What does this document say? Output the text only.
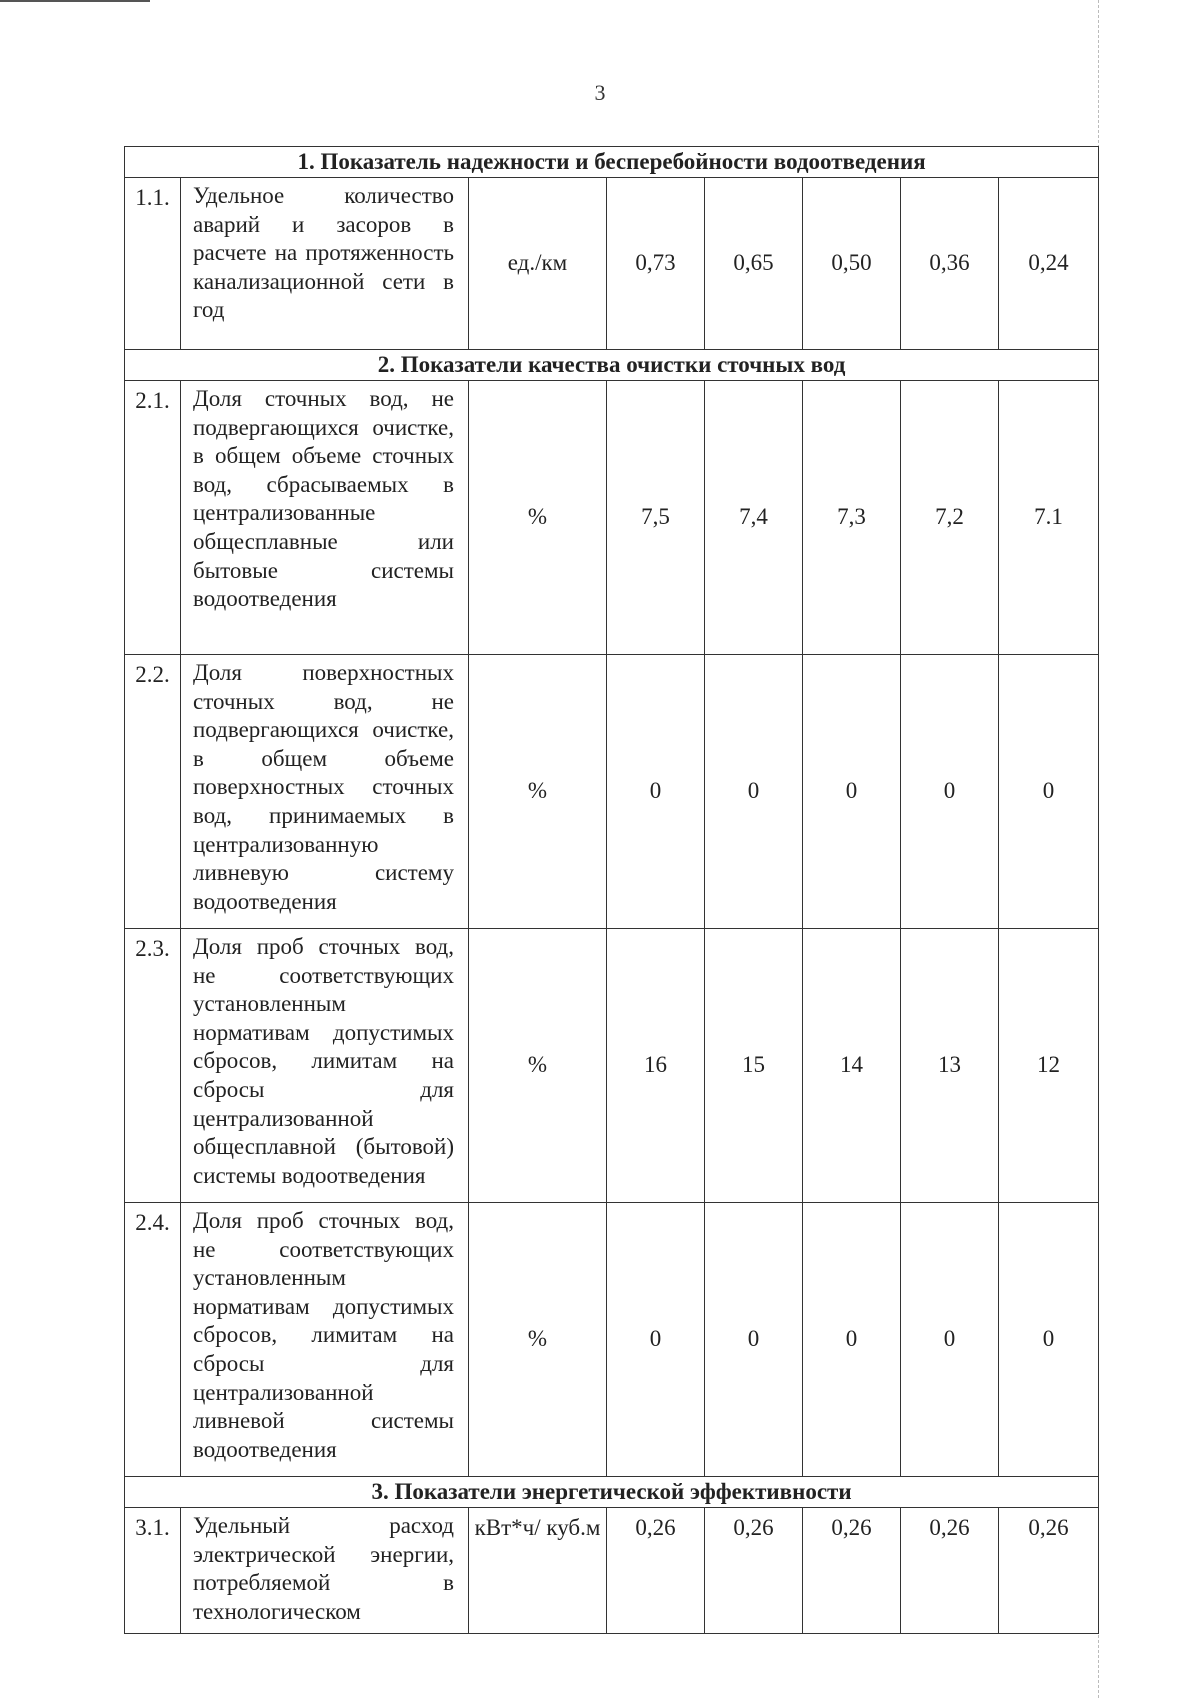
3
1. Показатель надежности и бесперебойности водоотведения							
1.1.	Удельное количество аварий и засоров в расчете на протяженность канализационной сети в год	ед./км	0,73	0,65	0,50	0,36	0,24
2. Показатели качества очистки сточных вод							
2.1.	Доля сточных вод, не подвергающихся очистке, в общем объеме сточных вод, сбрасываемых в централизованные общесплавные или бытовые системы водоотведения	%	7,5	7,4	7,3	7,2	7.1
2.2.	Доля поверхностных сточных вод, не подвергающихся очистке, в общем объеме поверхностных сточных вод, принимаемых в централизованную ливневую систему водоотведения	%	0	0	0	0	0
2.3.	Доля проб сточных вод, не соответствующих установленным нормативам допустимых сбросов, лимитам на сбросы для централизованной общесплавной (бытовой) системы водоотведения	%	16	15	14	13	12
2.4.	Доля проб сточных вод, не соответствующих установленным нормативам допустимых сбросов, лимитам на сбросы для централизованной ливневой системы водоотведения	%	0	0	0	0	0
3. Показатели энергетической эффективности							
3.1.	Удельный расход электрической энергии, потребляемой в технологическом	кВт*ч/ куб.м	0,26	0,26	0,26	0,26	0,26
